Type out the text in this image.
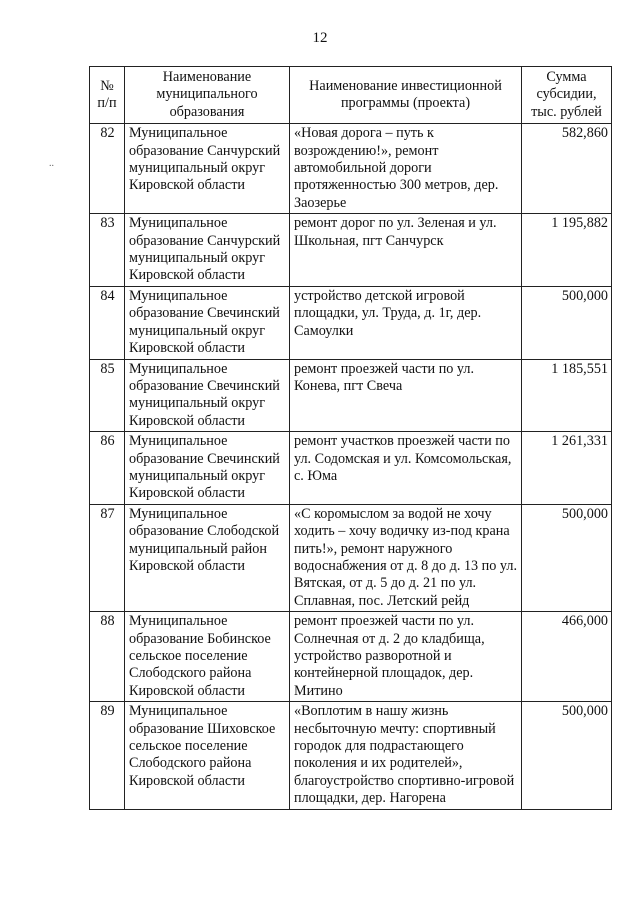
12
..
№ п/п	Наименование муниципального образования	Наименование инвестиционной программы (проекта)	Сумма субсидии, тыс. рублей
82	Муниципальное образование Санчурский муниципальный округ Кировской области	«Новая дорога – путь к возрождению!», ремонт автомобильной дороги протяженностью 300 метров, дер. Заозерье	582,860
83	Муниципальное образование Санчурский муниципальный округ Кировской области	ремонт дорог по ул. Зеленая и ул. Школьная, пгт Санчурск	1 195,882
84	Муниципальное образование Свечинский муниципальный округ Кировской области	устройство детской игровой площадки, ул. Труда, д. 1г, дер. Самоулки	500,000
85	Муниципальное образование Свечинский муниципальный округ Кировской области	ремонт проезжей части по ул. Конева, пгт Свеча	1 185,551
86	Муниципальное образование Свечинский муниципальный округ Кировской области	ремонт участков проезжей части по ул. Содомская и ул. Комсомольская, с. Юма	1 261,331
87	Муниципальное образование Слободской муниципальный район Кировской области	«С коромыслом за водой не хочу ходить – хочу водичку из-под крана пить!», ремонт наружного водоснабжения от д. 8 до д. 13 по ул. Вятская, от д. 5 до д. 21 по ул. Сплавная, пос. Летский рейд	500,000
88	Муниципальное образование Бобинское сельское поселение Слободского района Кировской области	ремонт проезжей части по ул. Солнечная от д. 2 до кладбища, устройство разворотной и контейнерной площадок, дер. Митино	466,000
89	Муниципальное образование Шиховское сельское поселение Слободского района Кировской области	«Воплотим в нашу жизнь несбыточную мечту: спортивный городок для подрастающего поколения и их родителей», благоустройство спортивно-игровой площадки, дер. Нагорена	500,000
